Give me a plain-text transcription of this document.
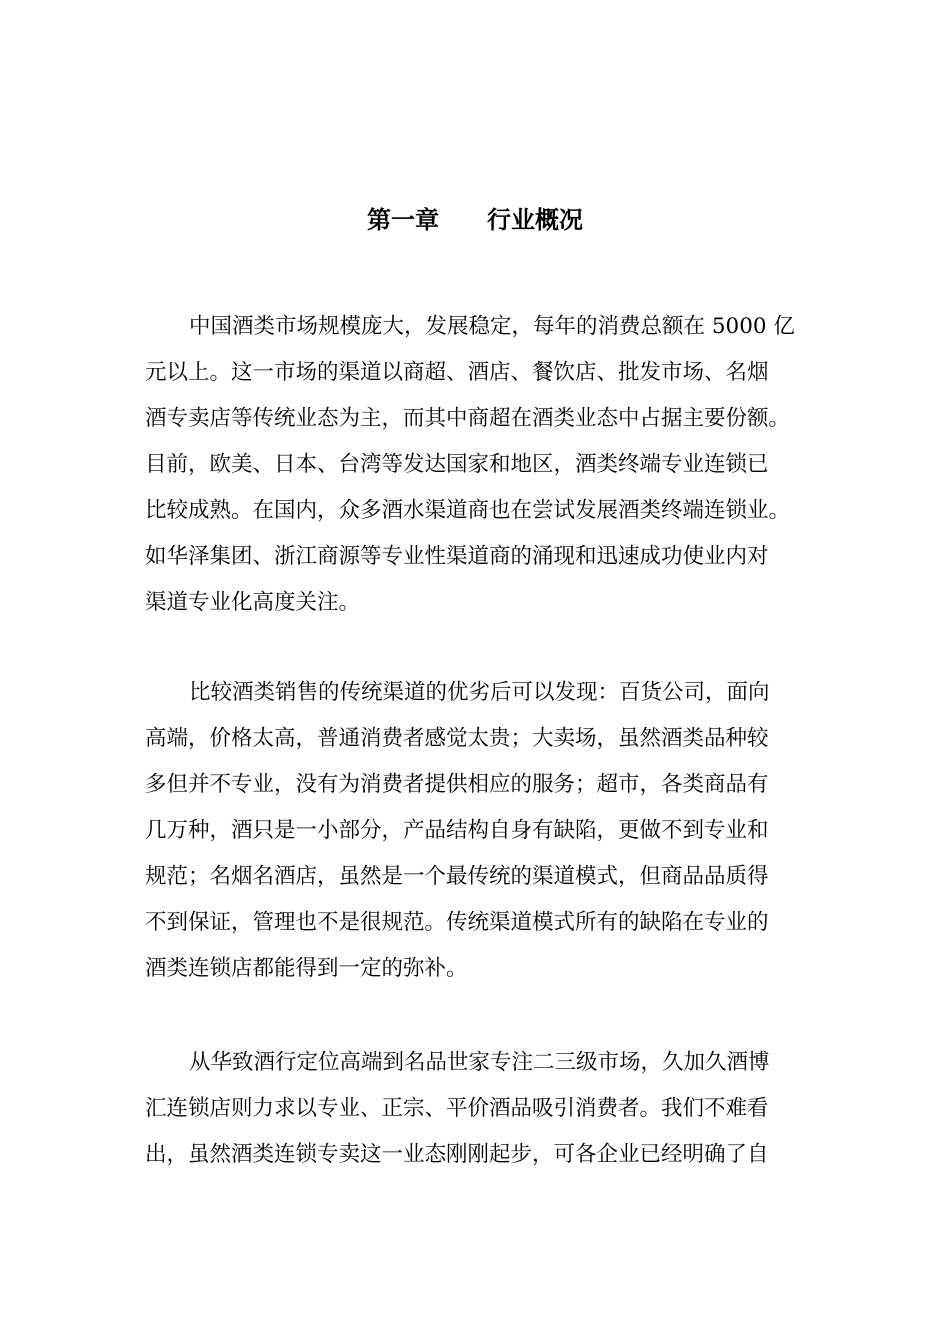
第一章　　行业概况
中国酒类市场规模庞大，发展稳定，每年的消费总额在 5000 亿
元以上。这一市场的渠道以商超、酒店、餐饮店、批发市场、名烟
酒专卖店等传统业态为主，而其中商超在酒类业态中占据主要份额。
目前，欧美、日本、台湾等发达国家和地区，酒类终端专业连锁已
比较成熟。在国内，众多酒水渠道商也在尝试发展酒类终端连锁业。
如华泽集团、浙江商源等专业性渠道商的涌现和迅速成功使业内对
渠道专业化高度关注。
比较酒类销售的传统渠道的优劣后可以发现：百货公司，面向
高端，价格太高，普通消费者感觉太贵；大卖场，虽然酒类品种较
多但并不专业，没有为消费者提供相应的服务；超市，各类商品有
几万种，酒只是一小部分，产品结构自身有缺陷，更做不到专业和
规范；名烟名酒店，虽然是一个最传统的渠道模式，但商品品质得
不到保证，管理也不是很规范。传统渠道模式所有的缺陷在专业的
酒类连锁店都能得到一定的弥补。
从华致酒行定位高端到名品世家专注二三级市场，久加久酒博
汇连锁店则力求以专业、正宗、平价酒品吸引消费者。我们不难看
出，虽然酒类连锁专卖这一业态刚刚起步，可各企业已经明确了自
